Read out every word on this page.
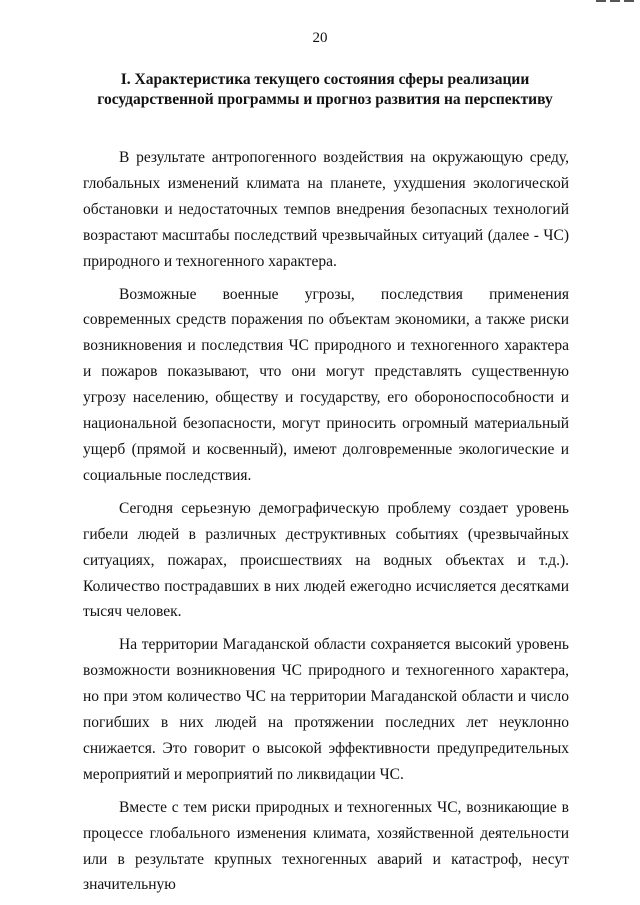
20
I. Характеристика текущего состояния сферы реализации
государственной программы и прогноз развития на перспективу

В результате антропогенного воздействия на окружающую среду, глобальных изменений климата на планете, ухудшения экологической обстановки и недостаточных темпов внедрения безопасных технологий возрастают масштабы последствий чрезвычайных ситуаций (далее - ЧС) природного и техногенного характера.

Возможные военные угрозы, последствия применения современных средств поражения по объектам экономики, а также риски возникновения и последствия ЧС природного и техногенного характера и пожаров показывают, что они могут представлять существенную угрозу населению, обществу и государству, его обороноспособности и национальной безопасности, могут приносить огромный материальный ущерб (прямой и косвенный), имеют долговременные экологические и социальные последствия.

Сегодня серьезную демографическую проблему создает уровень гибели людей в различных деструктивных событиях (чрезвычайных ситуациях, пожарах, происшествиях на водных объектах и т.д.). Количество пострадавших в них людей ежегодно исчисляется десятками тысяч человек.

На территории Магаданской области сохраняется высокий уровень возможности возникновения ЧС природного и техногенного характера, но при этом количество ЧС на территории Магаданской области и число погибших в них людей на протяжении последних лет неуклонно снижается. Это говорит о высокой эффективности предупредительных мероприятий и мероприятий по ликвидации ЧС.

Вместе с тем риски природных и техногенных ЧС, возникающие в процессе глобального изменения климата, хозяйственной деятельности или в результате крупных техногенных аварий и катастроф, несут значительную
